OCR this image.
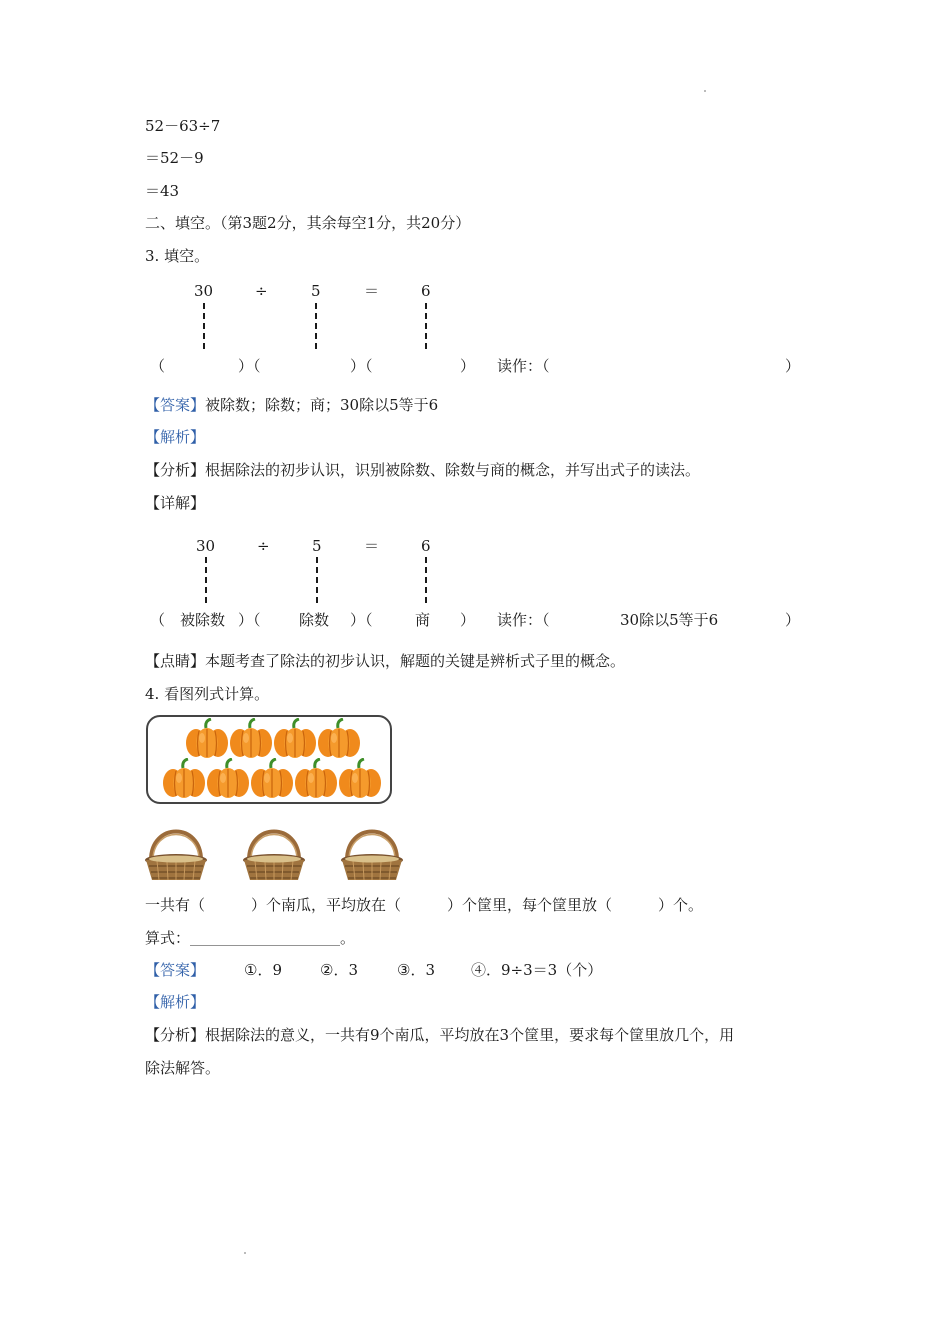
52－63÷7
＝52－9
＝43
二、填空。（第3题2分，其余每空1分，共20分）
3. 填空。
30	÷	5	＝	6
（	）（	）（	） 读作：（	）
【答案】被除数；除数；商；30除以5等于6
【解析】
【分析】根据除法的初步认识，识别被除数、除数与商的概念，并写出式子的读法。
【详解】
30	÷	5	＝	6
（ 被除数 ）（	除数 ）（	商 ） 读作：（	30除以5等于6	）
【点睛】本题考查了除法的初步认识，解题的关键是辨析式子里的概念。
4. 看图列式计算。
一共有（	）个南瓜，平均放在（	）个筐里，每个筐里放（	）个。
算式：_________________________。
【答案】	①．9	②．3	③．3 ④．9÷3＝3（个）
【解析】
【分析】根据除法的意义，一共有9个南瓜，平均放在3个筐里，要求每个筐里放几个，用
除法解答。
